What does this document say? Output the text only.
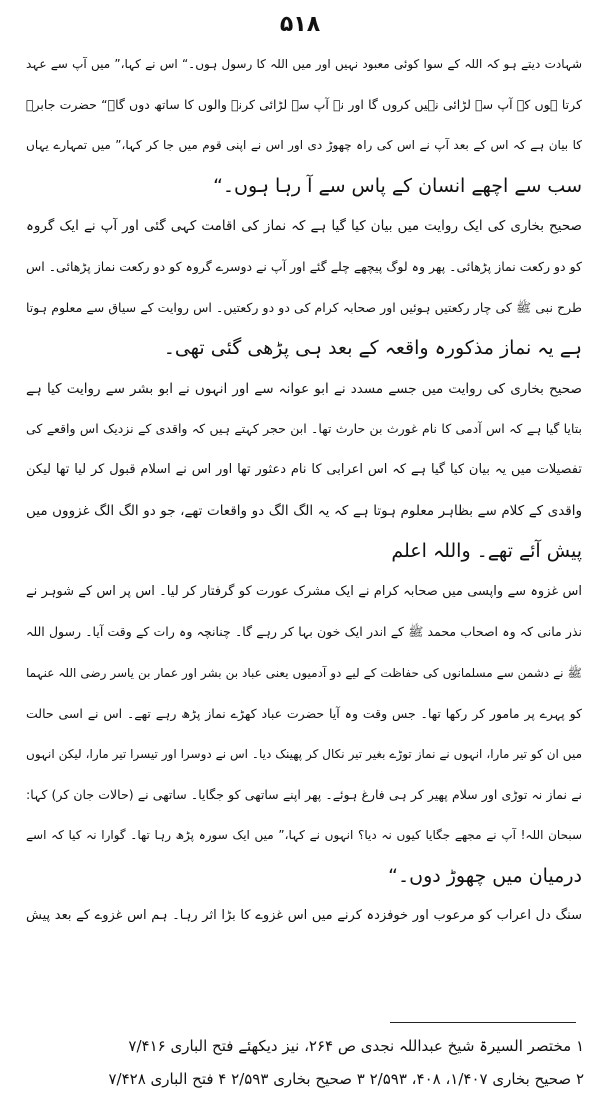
۵۱۸
شہادت دیتے ہو کہ اللہ کے سوا کوئی معبود نہیں اور میں اللہ کا رسول ہوں۔“ اس نے کہا،” میں آپ سے عہد
کرتا ہوں کہ آپ سے لڑائی نہیں کروں گا اور نہ آپ سے لڑائی کرنے والوں کا ساتھ دوں گا۔“ حضرت جابرؓ
کا بیان ہے کہ اس کے بعد آپ نے اس کی راہ چھوڑ دی اور اس نے اپنی قوم میں جا کر کہا،” میں تمہارے یہاں
سب سے اچھے انسان کے پاس سے آ رہا ہوں۔“
صحیح بخاری کی ایک روایت میں بیان کیا گیا ہے کہ نماز کی اقامت کہی گئی اور آپ نے ایک گروہ
کو دو رکعت نماز پڑھائی۔ پھر وہ لوگ پیچھے چلے گئے اور آپ نے دوسرے گروہ کو دو رکعت نماز پڑھائی۔ اس
طرح نبی ﷺ کی چار رکعتیں ہوئیں اور صحابہ کرام کی دو دو رکعتیں۔ اس روایت کے سیاق سے معلوم ہوتا
ہے یہ نماز مذکورہ واقعہ کے بعد ہی پڑھی گئی تھی۔
صحیح بخاری کی روایت میں جسے مسدد نے ابو عوانہ سے اور انہوں نے ابو بشر سے روایت کیا ہے
بتایا گیا ہے کہ اس آدمی کا نام غورث بن حارث تھا۔ ابن حجر کہتے ہیں کہ واقدی کے نزدیک اس واقعے کی
تفصیلات میں یہ بیان کیا گیا ہے کہ اس اعرابی کا نام دعثور تھا اور اس نے اسلام قبول کر لیا تھا لیکن
واقدی کے کلام سے بظاہر معلوم ہوتا ہے کہ یہ الگ الگ دو واقعات تھے، جو دو الگ الگ غزووں میں
پیش آئے تھے۔ واللہ اعلم
اس غزوہ سے واپسی میں صحابہ کرام نے ایک مشرک عورت کو گرفتار کر لیا۔ اس پر اس کے شوہر نے
نذر مانی کہ وہ اصحاب محمد ﷺ کے اندر ایک خون بہا کر رہے گا۔ چنانچہ وہ رات کے وقت آیا۔ رسول اللہ
ﷺ نے دشمن سے مسلمانوں کی حفاظت کے لیے دو آدمیوں یعنی عباد بن بشر اور عمار بن یاسر رضی اللہ عنہما
کو پہرے پر مامور کر رکھا تھا۔ جس وقت وہ آیا حضرت عباد کھڑے نماز پڑھ رہے تھے۔ اس نے اسی حالت
میں ان کو تیر مارا، انہوں نے نماز توڑے بغیر تیر نکال کر پھینک دیا۔ اس نے دوسرا اور تیسرا تیر مارا، لیکن انہوں
نے نماز نہ توڑی اور سلام پھیر کر ہی فارغ ہوئے۔ پھر اپنے ساتھی کو جگایا۔ ساتھی نے (حالات جان کر) کہا:
سبحان اللہ! آپ نے مجھے جگایا کیوں نہ دیا؟ انہوں نے کہا،” میں ایک سورہ پڑھ رہا تھا۔ گوارا نہ کیا کہ اسے
درمیان میں چھوڑ دوں۔“
سنگ دل اعراب کو مرعوب اور خوفزدہ کرنے میں اس غزوے کا بڑا اثر رہا۔ ہم اس غزوے کے بعد پیش
۱ مختصر السیرۃ شیخ عبداللہ نجدی ص ۲۶۴، نیز دیکھئے فتح الباری ۷/۴۱۶
۲ صحیح بخاری ۱/۴۰۷، ۴۰۸، ۲/۵۹۳ ۳ صحیح بخاری ۲/۵۹۳ ۴ فتح الباری ۷/۴۲۸
